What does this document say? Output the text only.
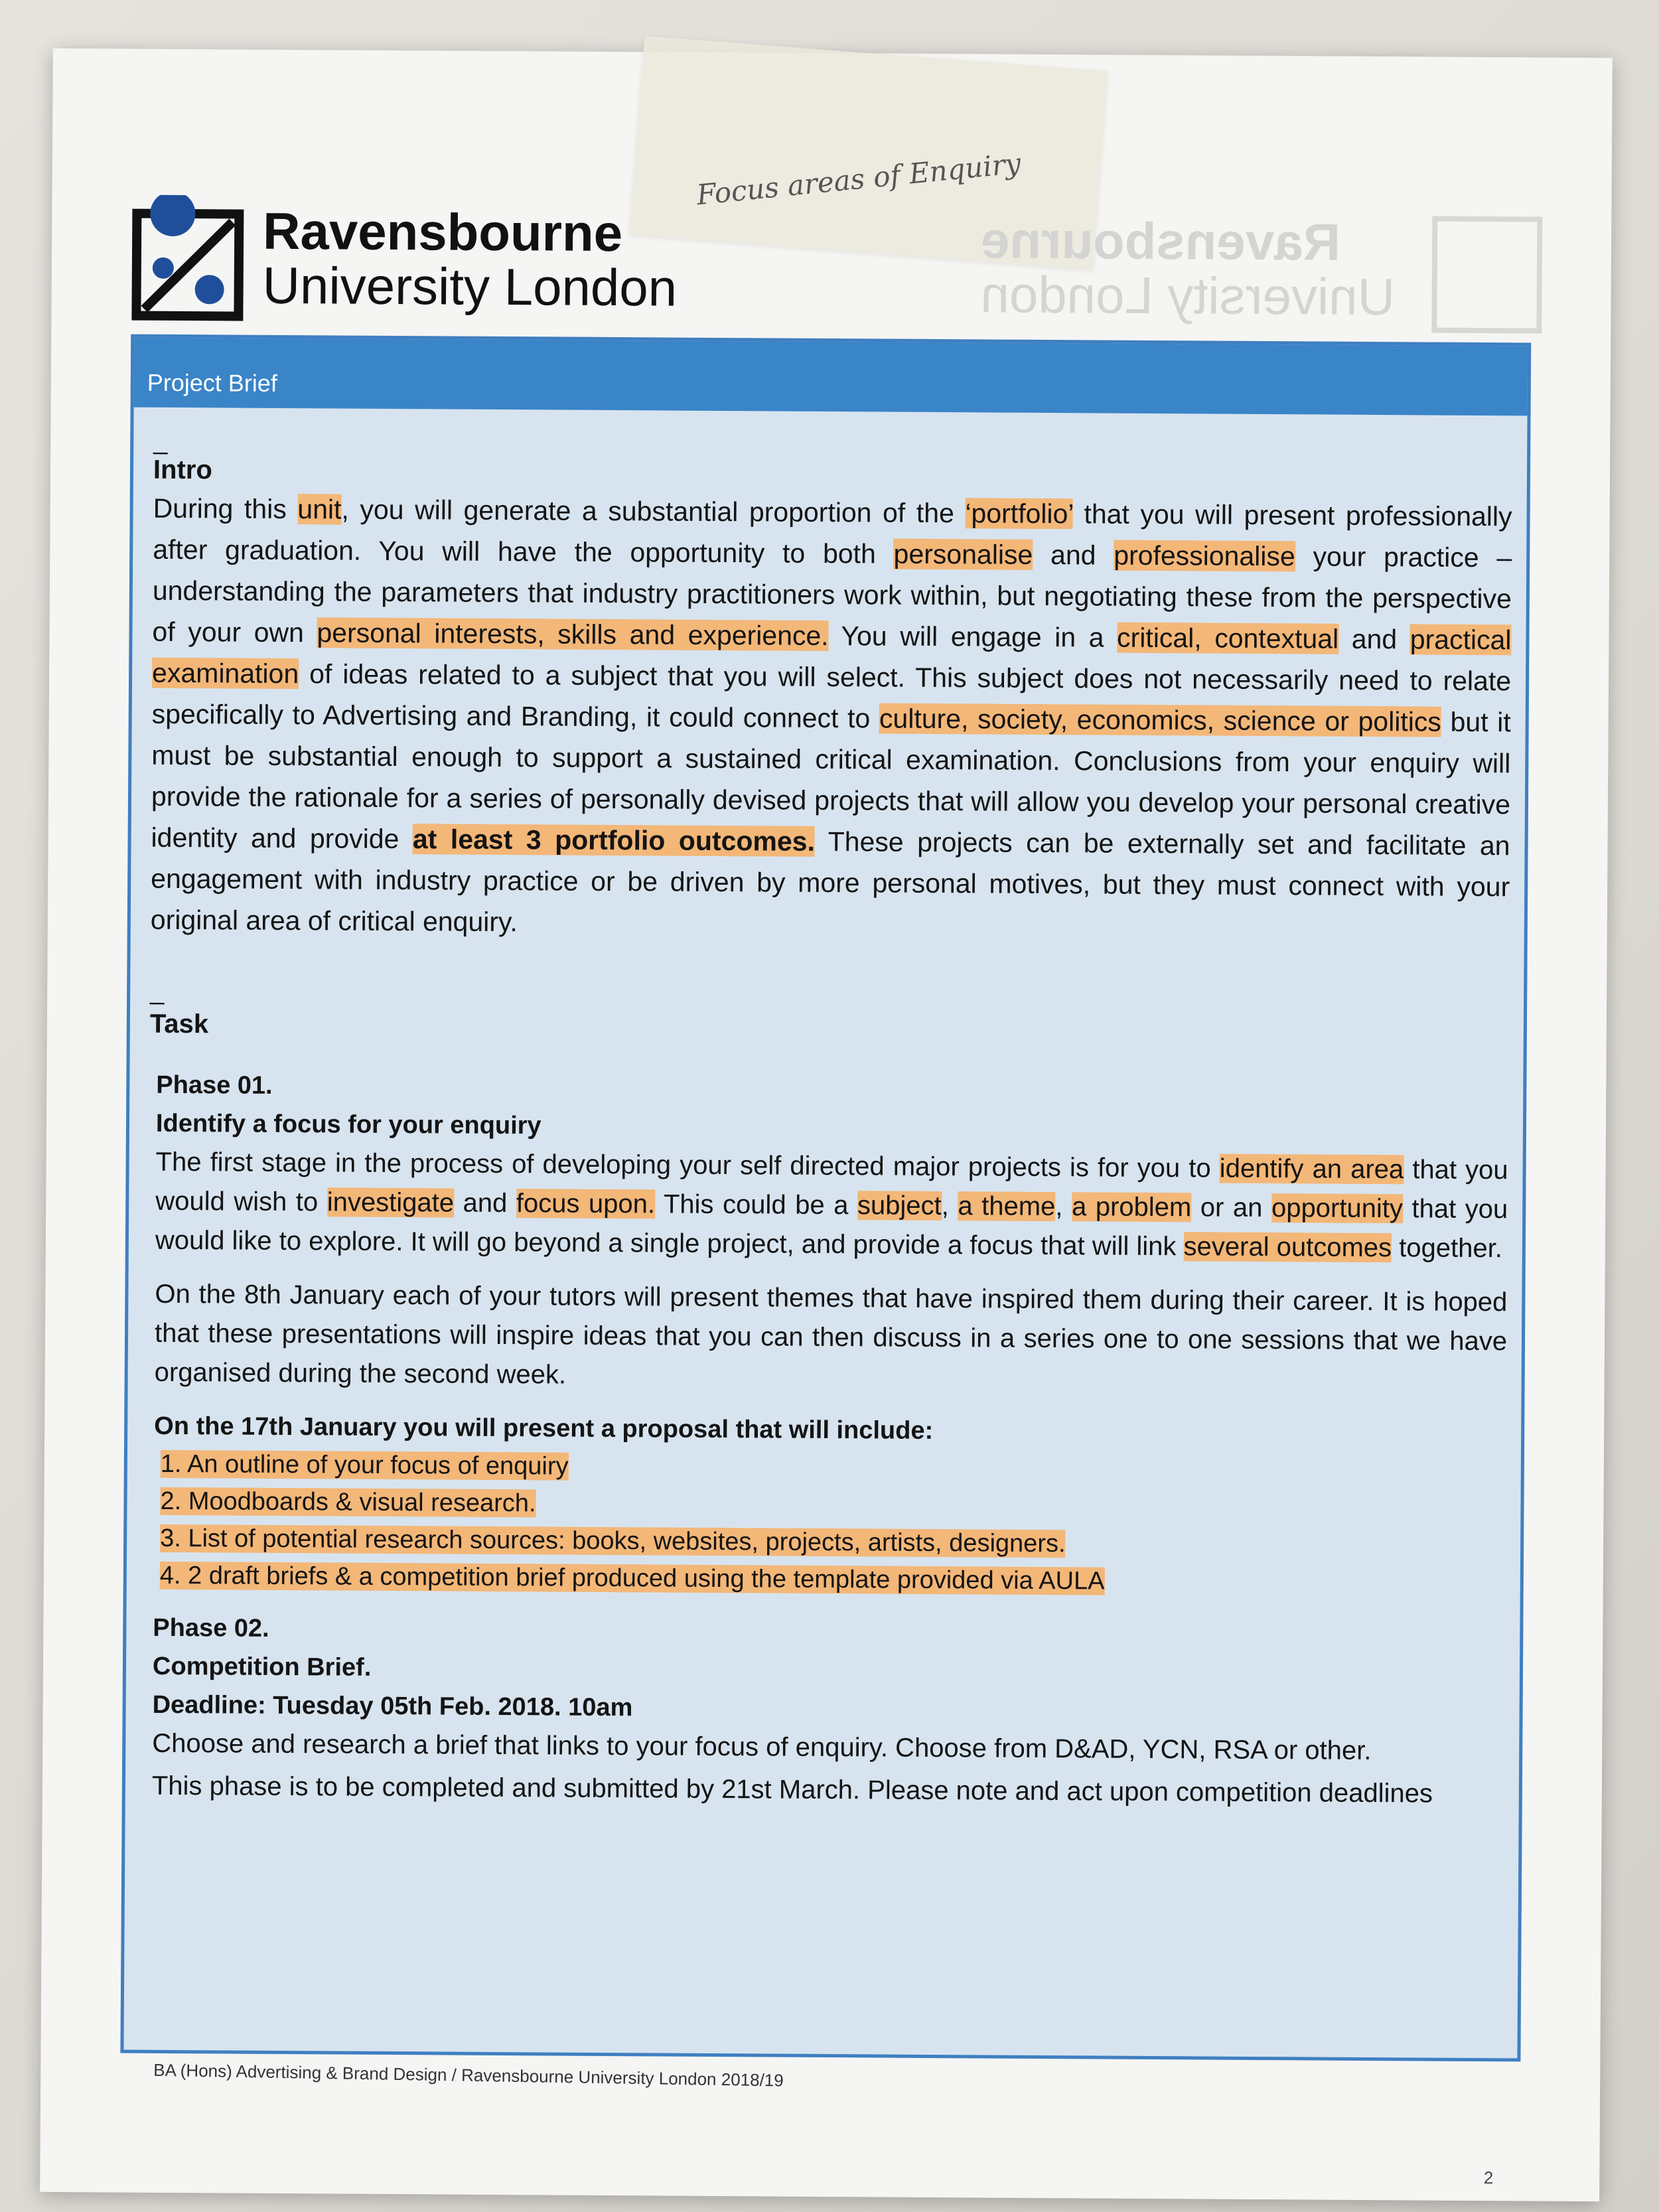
Focus areas of Enquiry
Ravensbourne
University London
Ravensbourne
University London
Project Brief
_
Intro

During this unit, you will generate a substantial proportion of the ‘portfolio’ that you will present professionally after graduation. You will have the opportunity to both personalise and professionalise your practice – understanding the parameters that industry practitioners work within, but negotiating these from the perspective of your own personal interests, skills and experience. You will engage in a critical, contextual and practical examination of ideas related to a subject that you will select. This subject does not necessarily need to relate specifically to Advertising and Branding, it could connect to culture, society, economics, science or politics but it must be substantial enough to support a sustained critical examination. Conclusions from your enquiry will provide the rationale for a series of personally devised projects that will allow you develop your personal creative identity and provide at least 3 portfolio outcomes. These projects can be externally set and facilitate an engagement with industry practice or be driven by more personal motives, but they must connect with your original area of critical enquiry.

_
Task
Phase 01.
Identify a focus for your enquiry

The first stage in the process of developing your self directed major projects is for you to identify an area that you would wish to investigate and focus upon. This could be a subject, a theme, a problem or an opportunity that you would like to explore. It will go beyond a single project, and provide a focus that will link several outcomes together.

On the 8th January each of your tutors will present themes that have inspired them during their career. It is hoped that these presentations will inspire ideas that you can then discuss in a series one to one sessions that we have organised during the second week.

On the 17th January you will present a proposal that will include:
1. An outline of your focus of enquiry
2. Moodboards & visual research.
3. List of potential research sources: books, websites, projects, artists, designers.
4. 2 draft briefs & a competition brief produced using the template provided via AULA
Phase 02.
Competition Brief.
Deadline: Tuesday 05th Feb. 2018. 10am

Choose and research a brief that links to your focus of enquiry. Choose from D&AD, YCN, RSA or other.

This phase is to be completed and submitted by 21st March. Please note and act upon competition deadlines

BA (Hons) Advertising & Brand Design / Ravensbourne University London 2018/19
2
